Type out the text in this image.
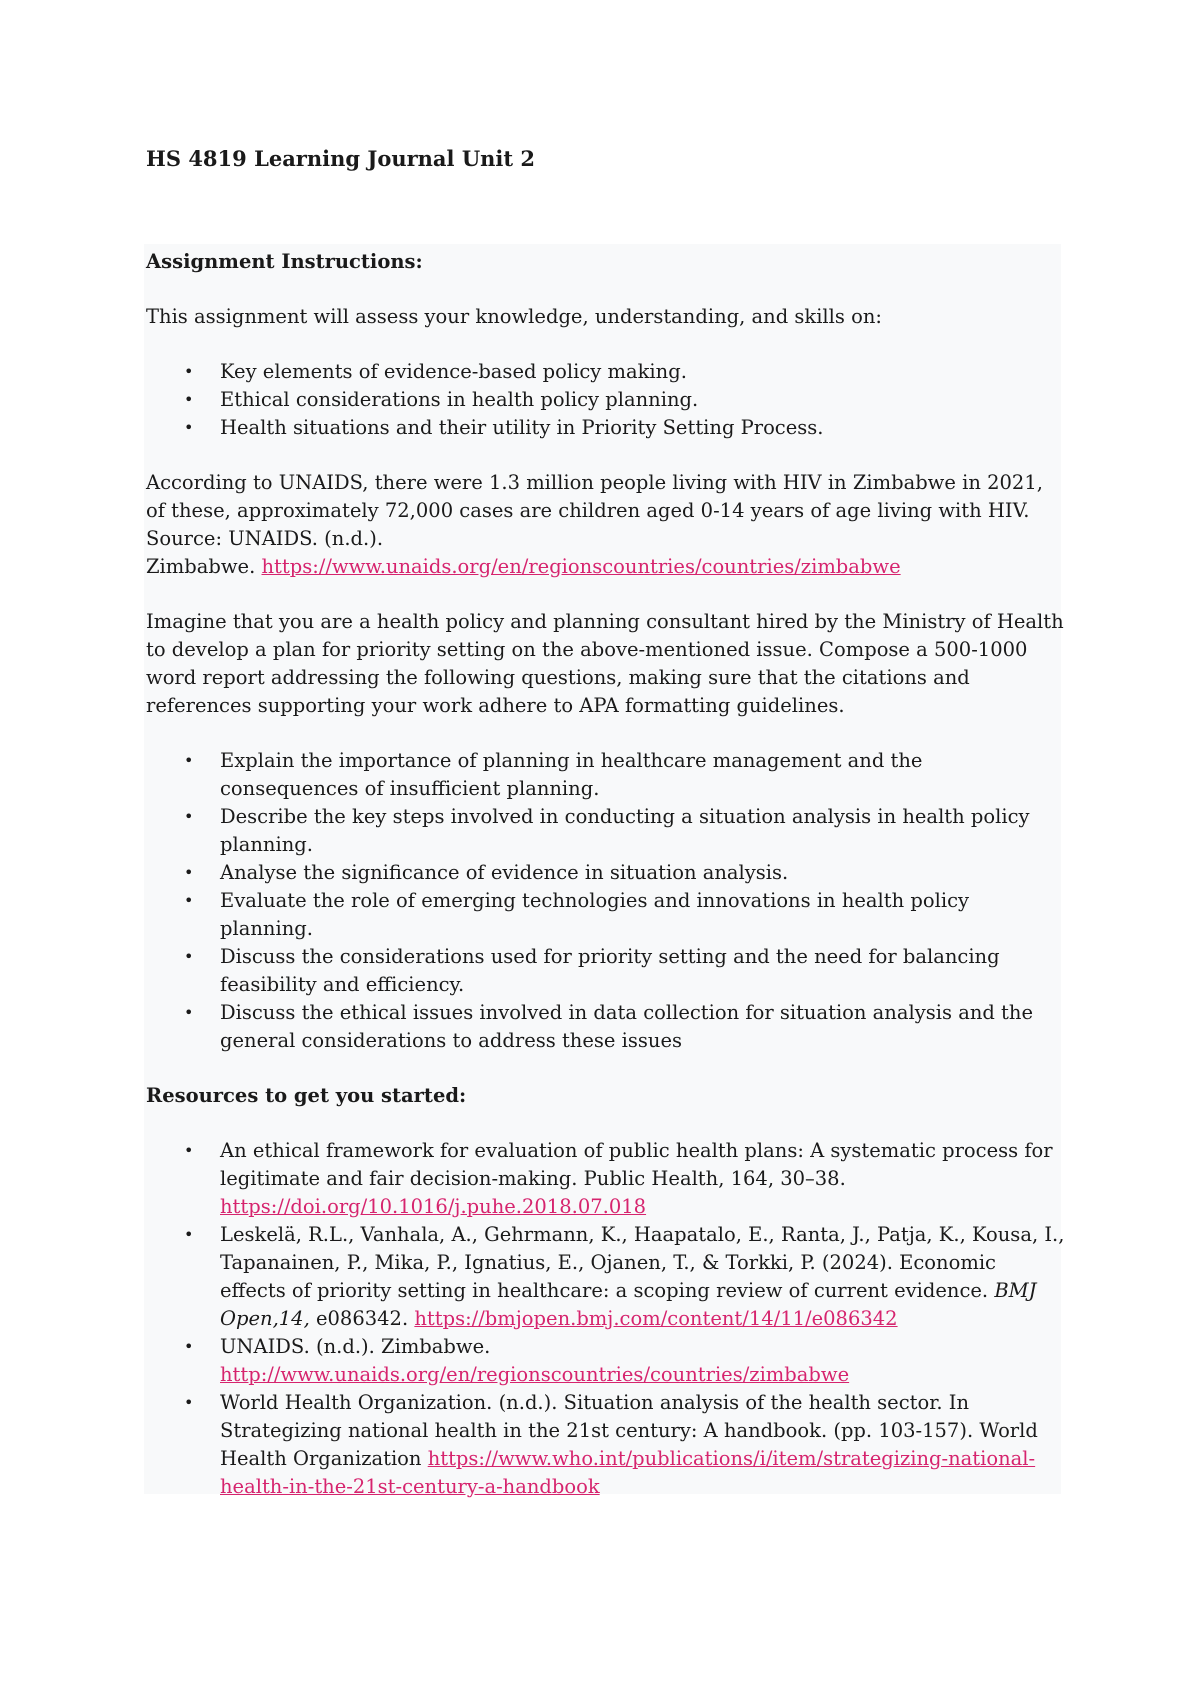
HS 4819 Learning Journal Unit 2

Assignment Instructions:

This assignment will assess your knowledge, understanding, and skills on:

• Key elements of evidence-based policy making.
• Ethical considerations in health policy planning.
• Health situations and their utility in Priority Setting Process.

According to UNAIDS, there were 1.3 million people living with HIV in Zimbabwe in 2021,
of these, approximately 72,000 cases are children aged 0-14 years of age living with HIV.
Source: UNAIDS. (n.d.).
Zimbabwe. https://www.unaids.org/en/regionscountries/countries/zimbabwe

Imagine that you are a health policy and planning consultant hired by the Ministry of Health to develop a plan for priority setting on the above-mentioned issue. Compose a 500-1000 word report addressing the following questions, making sure that the citations and references supporting your work adhere to APA formatting guidelines.

• Explain the importance of planning in healthcare management and the consequences of insufficient planning.
• Describe the key steps involved in conducting a situation analysis in health policy planning.
• Analyse the significance of evidence in situation analysis.
• Evaluate the role of emerging technologies and innovations in health policy planning.
• Discuss the considerations used for priority setting and the need for balancing feasibility and efficiency.
• Discuss the ethical issues involved in data collection for situation analysis and the general considerations to address these issues

Resources to get you started:

• An ethical framework for evaluation of public health plans: A systematic process for legitimate and fair decision-making. Public Health, 164, 30–38. https://doi.org/10.1016/j.puhe.2018.07.018
• Leskelä, R.L., Vanhala, A., Gehrmann, K., Haapatalo, E., Ranta, J., Patja, K., Kousa, I., Tapanainen, P., Mika, P., Ignatius, E., Ojanen, T., & Torkki, P. (2024). Economic effects of priority setting in healthcare: a scoping review of current evidence. BMJ Open,14, e086342. https://bmjopen.bmj.com/content/14/11/e086342
• UNAIDS. (n.d.). Zimbabwe. http://www.unaids.org/en/regionscountries/countries/zimbabwe
• World Health Organization. (n.d.). Situation analysis of the health sector. In Strategizing national health in the 21st century: A handbook. (pp. 103-157). World Health Organization https://www.who.int/publications/i/item/strategizing-national-health-in-the-21st-century-a-handbook
